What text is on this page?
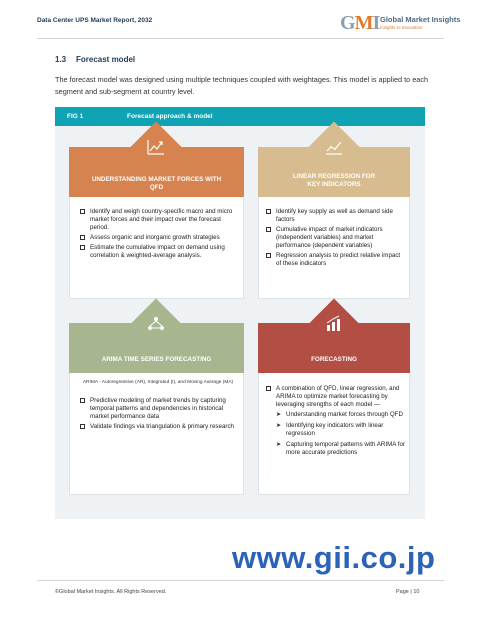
Data Center UPS Market Report, 2032	GMI Global Market Insights
Insights to Innovation
1.3 Forecast model

The forecast model was designed using multiple techniques coupled with weightages. This model is applied to each segment and sub-segment at country level.

FIG 1	Forecast approach & model
UNDERSTANDING MARKET FORCES WITH
QFD
Identify and weigh country-specific macro and micro market forces and their impact over the forecast period.
Assess organic and inorganic growth strategies
Estimate the cumulative impact on demand using correlation & weighted-average analysis.
LINEAR REGRESSION FOR
KEY INDICATORS
Identify key supply as well as demand side factors
Cumulative impact of market indicators (independent variables) and market performance (dependent variables)
Regression analysis to predict relative impact of these indicators
ARIMA TIME SERIES FORECASTING
ARIMA - Autoregressive (AR), Integrated (I), and Moving Average (MA)
Predictive modeling of market trends by capturing temporal patterns and dependencies in historical market performance data
Validate findings via triangulation & primary research
FORECASTING
A combination of QFD, linear regression, and ARIMA to optimize market forecasting by leveraging strengths of each model —
➤ Understanding market forces through QFD
➤ Identifying key indicators with linear regression
➤ Capturing temporal patterns with ARIMA for more accurate predictions
www.gii.co.jp
©Global Market Insights. All Rights Reserved.	Page | 10
